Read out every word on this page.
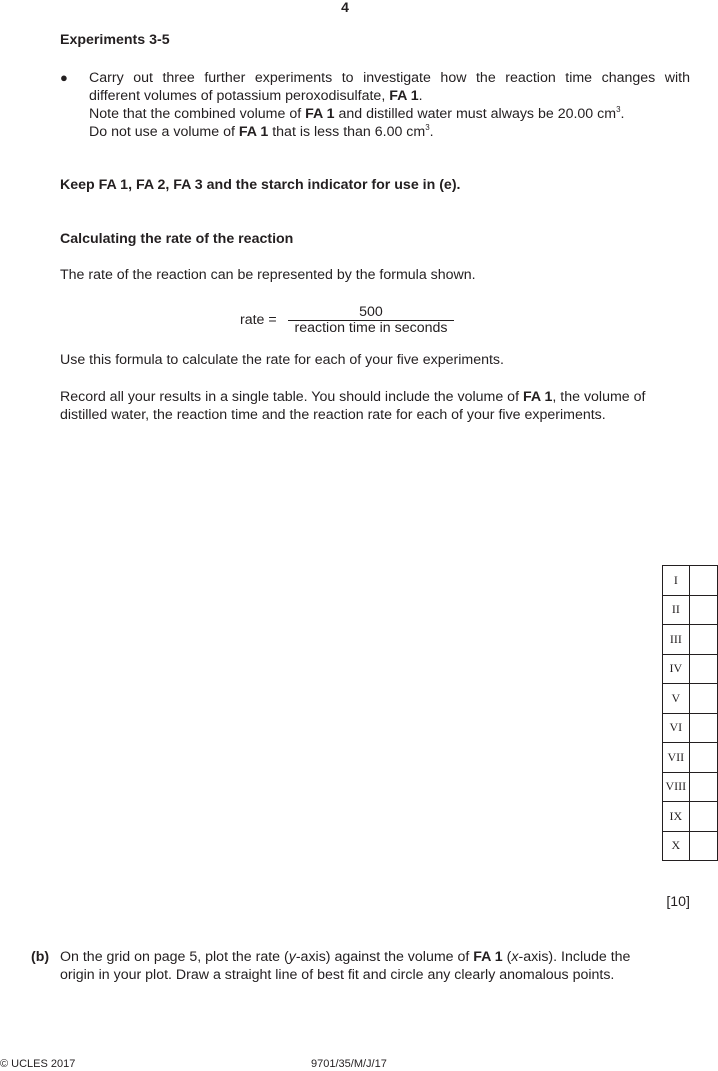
4
Experiments 3-5
● Carry out three further experiments to investigate how the reaction time changes with
different volumes of potassium peroxodisulfate, FA 1.
Note that the combined volume of FA 1 and distilled water must always be 20.00 $cm^3$.
Do not use a volume of FA 1 that is less than 6.00 $cm^3$.
Keep FA 1, FA 2, FA 3 and the starch indicator for use in (e).
Calculating the rate of the reaction
The rate of the reaction can be represented by the formula shown.
rate =	500
reaction time in seconds
Use this formula to calculate the rate for each of your five experiments.
Record all your results in a single table. You should include the volume of FA 1, the volume of
distilled water, the reaction time and the reaction rate for each of your five experiments.
I	
II	
III	
IV	
V	
VI	
VII	
VIII	
IX	
X	
[10]
(b) On the grid on page 5, plot the rate (y-axis) against the volume of FA 1 (x-axis). Include the
origin in your plot. Draw a straight line of best fit and circle any clearly anomalous points.
© UCLES 2017	9701/35/M/J/17
